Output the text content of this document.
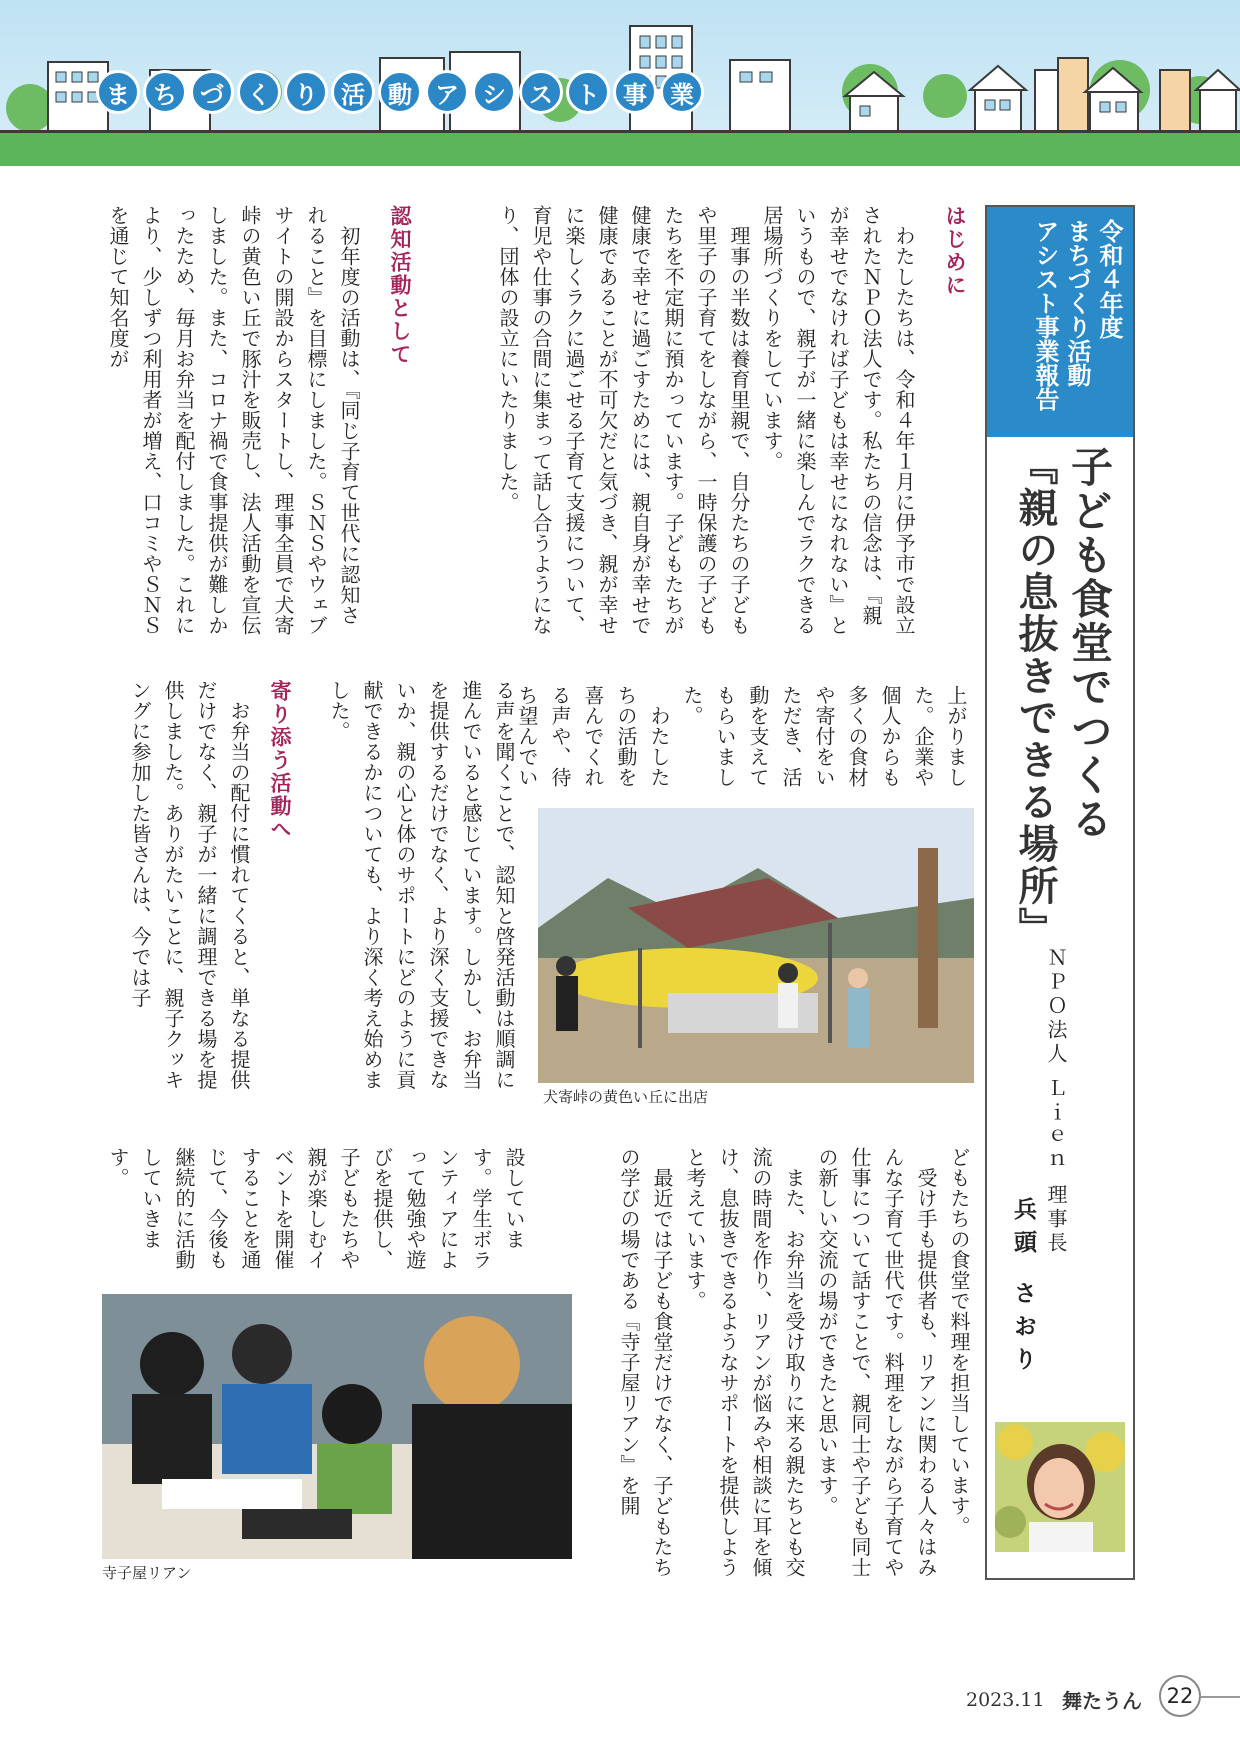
ま ち づ く り 活 動 ア シ ス ト 事 業
令和４年度
まちづくり活動
アシスト事業報告
子ども食堂でつくる
『親の息抜きできる場所』
ＮＰＯ法人 Ｌｉｅｎ 理事長
兵頭 さおり
はじめに
　わたしたちは、令和４年１月に伊予市で設立されたＮＰＯ法人です。私たちの信念は、『親が幸せでなければ子どもは幸せになれない』というもので、親子が一緒に楽しんでラクできる居場所づくりをしています。
　理事の半数は養育里親で、自分たちの子どもや里子の子育てをしながら、一時保護の子どもたちを不定期に預かっています。子どもたちが健康で幸せに過ごすためには、親自身が幸せで健康であることが不可欠だと気づき、親が幸せに楽しくラクに過ごせる子育て支援について、育児や仕事の合間に集まって話し合うようになり、団体の設立にいたりました。
認知活動として
　初年度の活動は、『同じ子育て世代に認知されること』を目標にしました。ＳＮＳやウェブサイトの開設からスタートし、理事全員で犬寄峠の黄色い丘で豚汁を販売し、法人活動を宣伝しました。また、コロナ禍で食事提供が難しかったため、毎月お弁当を配付しました。これにより、少しずつ利用者が増え、口コミやＳＮＳを通じて知名度が
上がりました。企業や個人からも多くの食材や寄付をいただき、活動を支えてもらいました。
　わたしたちの活動を喜んでくれる声や、待ち望んでい
犬寄峠の黄色い丘に出店
る声を聞くことで、認知と啓発活動は順調に進んでいると感じています。しかし、お弁当を提供するだけでなく、より深く支援できないか、親の心と体のサポートにどのように貢献できるかについても、より深く考え始めました。
寄り添う活動へ
　お弁当の配付に慣れてくると、単なる提供だけでなく、親子が一緒に調理できる場を提供しました。ありがたいことに、親子クッキングに参加した皆さんは、今では子
どもたちの食堂で料理を担当しています。
　受け手も提供者も、リアンに関わる人々はみんな子育て世代です。料理をしながら子育てや仕事について話すことで、親同士や子ども同士の新しい交流の場ができたと思います。
　また、お弁当を受け取りに来る親たちとも交流の時間を作り、リアンが悩みや相談に耳を傾け、息抜きできるようなサポートを提供しようと考えています。
　最近では子ども食堂だけでなく、子どもたちの学びの場である『寺子屋リアン』を開
設していま す。学生ボランティアによって勉強や遊びを提供し、子どもたちや親が楽しむイベントを開催することを通じて、今後も継続的に活動していきます。
寺子屋リアン
2023.11 舞たうん	22
